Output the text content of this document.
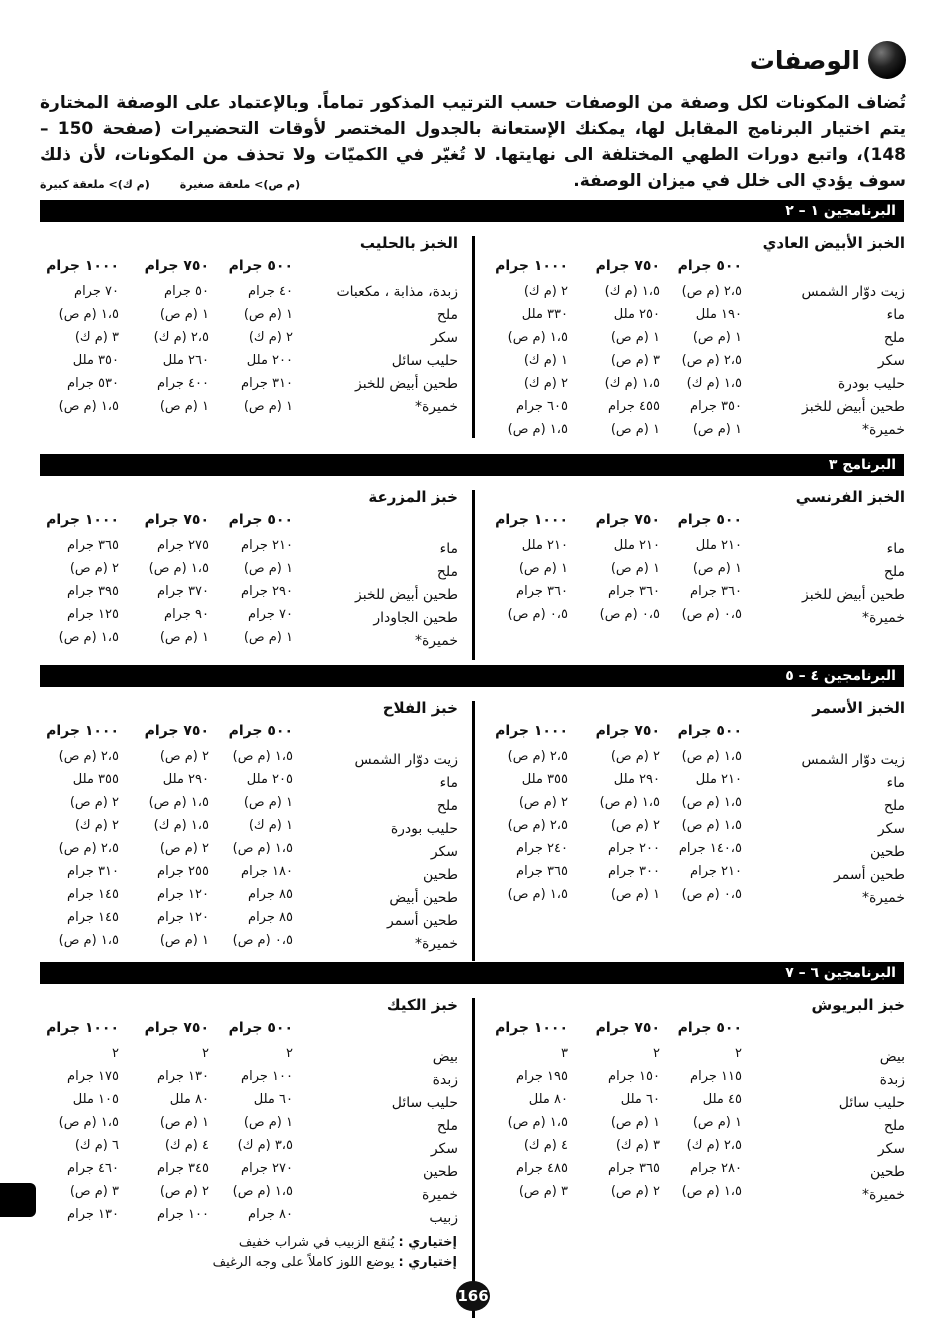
الوصفات
تُضاف المكونات لكل وصفة من الوصفات حسب الترتيب المذكور تماماً. وبالإعتماد على الوصفة المختارة يتم اختيار البرنامج المقابل لها، يمكنك الإستعانة بالجدول المختصر لأوقات التحضيرات (صفحة 150 – 148)، واتبع دورات الطهي المختلفة الى نهايتها. لا تُغيّر في الكميّات ولا تحذف من المكونات، لأن ذلك سوف يؤدي الى خلل في ميزان الوصفة.
(م ص)> ملعقة صغيرة
(م ك)> ملعقة كبيرة
البرنامجين ١ – ٢
الخبز الأبيض العادي
٥٠٠ جرام
٧٥٠ جرام
١٠٠٠ جرام
زيت دوّار الشمس
٢،٥ (م ص)
١،٥ (م ك)
٢ (م ك)
ماء
١٩٠ ملل
٢٥٠ ملل
٣٣٠ ملل
ملح
١ (م ص)
١ (م ص)
١،٥ (م ص)
سكر
٢،٥ (م ص)
٣ (م ص)
١ (م ك)
حليب بودرة
١،٥ (م ك)
١،٥ (م ك)
٢ (م ك)
طحين أبيض للخبز
٣٥٠ جرام
٤٥٥ جرام
٦٠٥ جرام
خميرة*
١ (م ص)
١ (م ص)
١،٥ (م ص)
الخبز بالحليب
٥٠٠ جرام
٧٥٠ جرام
١٠٠٠ جرام
زبدة، مذابة ، مكعبات
٤٠ جرام
٥٠ جرام
٧٠ جرام
ملح
١ (م ص)
١ (م ص)
١،٥ (م ص)
سكر
٢ (م ك)
٢،٥ (م ك)
٣ (م ك)
حليب سائل
٢٠٠ ملل
٢٦٠ ملل
٣٥٠ ملل
طحين أبيض للخبز
٣١٠ جرام
٤٠٠ جرام
٥٣٠ جرام
خميرة*
١ (م ص)
١ (م ص)
١،٥ (م ص)
البرنامج ٣
الخبز الفرنسي
٥٠٠ جرام
٧٥٠ جرام
١٠٠٠ جرام
ماء
٢١٠ ملل
٢١٠ ملل
٢١٠ ملل
ملح
١ (م ص)
١ (م ص)
١ (م ص)
طحين أبيض للخبز
٣٦٠ جرام
٣٦٠ جرام
٣٦٠ جرام
خميرة*
٠،٥ (م ص)
٠،٥ (م ص)
٠،٥ (م ص)
خبز المزرعة
٥٠٠ جرام
٧٥٠ جرام
١٠٠٠ جرام
ماء
٢١٠ جرام
٢٧٥ جرام
٣٦٥ جرام
ملح
١ (م ص)
١،٥ (م ص)
٢ (م ص)
طحين أبيض للخبز
٢٩٠ جرام
٣٧٠ جرام
٣٩٥ جرام
طحين الجاودار
٧٠ جرام
٩٠ جرام
١٢٥ جرام
خميرة*
١ (م ص)
١ (م ص)
١،٥ (م ص)
البرنامجين ٤ – ٥
الخبز الأسمر
٥٠٠ جرام
٧٥٠ جرام
١٠٠٠ جرام
زيت دوّار الشمس
١،٥ (م ص)
٢ (م ص)
٢،٥ (م ص)
ماء
٢١٠ ملل
٢٩٠ ملل
٣٥٥ ملل
ملح
١،٥ (م ص)
١،٥ (م ص)
٢ (م ص)
سكر
١،٥ (م ص)
٢ (م ص)
٢،٥ (م ص)
طحين
١٤٠،٥ جرام
٢٠٠ جرام
٢٤٠ جرام
طحين أسمر
٢١٠ جرام
٣٠٠ جرام
٣٦٥ جرام
خميرة*
٠،٥ (م ص)
١ (م ص)
١،٥ (م ص)
خبز الفلاح
٥٠٠ جرام
٧٥٠ جرام
١٠٠٠ جرام
زيت دوّار الشمس
١،٥ (م ص)
٢ (م ص)
٢،٥ (م ص)
ماء
٢٠٥ ملل
٢٩٠ ملل
٣٥٥ ملل
ملح
١ (م ص)
١،٥ (م ص)
٢ (م ص)
حليب بودرة
١ (م ك)
١،٥ (م ك)
٢ (م ك)
سكر
١،٥ (م ص)
٢ (م ص)
٢،٥ (م ص)
طحين
١٨٠ جرام
٢٥٥ جرام
٣١٠ جرام
طحين أبيض
٨٥ جرام
١٢٠ جرام
١٤٥ جرام
طحين أسمر
٨٥ جرام
١٢٠ جرام
١٤٥ جرام
خميرة*
٠،٥ (م ص)
١ (م ص)
١،٥ (م ص)
البرنامجين ٦ – ٧
خبز البريوش
٥٠٠ جرام
٧٥٠ جرام
١٠٠٠ جرام
بيض
٢
٢
٣
زبدة
١١٥ جرام
١٥٠ جرام
١٩٥ جرام
حليب سائل
٤٥ ملل
٦٠ ملل
٨٠ ملل
ملح
١ (م ص)
١ (م ص)
١،٥ (م ص)
سكر
٢،٥ (م ك)
٣ (م ك)
٤ (م ك)
طحين
٢٨٠ جرام
٣٦٥ جرام
٤٨٥ جرام
خميرة*
١،٥ (م ص)
٢ (م ص)
٣ (م ص)
خبز الكيك
٥٠٠ جرام
٧٥٠ جرام
١٠٠٠ جرام
بيض
٢
٢
٢
زبدة
١٠٠ جرام
١٣٠ جرام
١٧٥ جرام
حليب سائل
٦٠ ملل
٨٠ ملل
١٠٥ ملل
ملح
١ (م ص)
١ (م ص)
١،٥ (م ص)
سكر
٣،٥ (م ك)
٤ (م ك)
٦ (م ك)
طحين
٢٧٠ جرام
٣٤٥ جرام
٤٦٠ جرام
خميرة
١،٥ (م ص)
٢ (م ص)
٣ (م ص)
زبيب
٨٠ جرام
١٠٠ جرام
١٣٠ جرام
إختياري : يُنقع الزبيب في شراب خفيف
إختياري : يوضع اللوز كاملاً على وجه الرغيف
166
